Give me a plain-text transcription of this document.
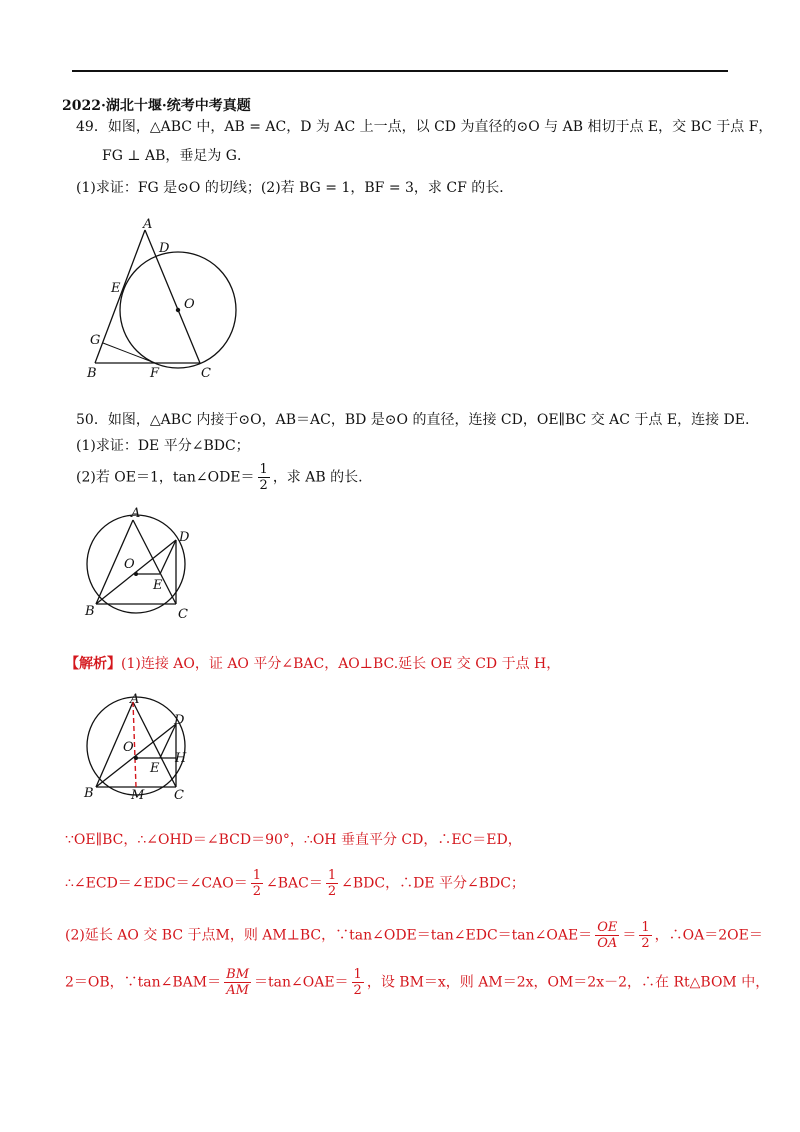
2022·湖北十堰·统考中考真题
49．如图，△ABC 中，AB = AC，D 为 AC 上一点，以 CD 为直径的⊙O 与 AB 相切于点 E，交 BC 于点 F，
FG ⊥ AB，垂足为 G．
(1)求证：FG 是⊙O 的切线；(2)若 BG = 1，BF = 3，求 CF 的长．
A
D
E
O
G
B	F	C
50．如图，△ABC 内接于⊙O，AB＝AC，BD 是⊙O 的直径，连接 CD，OE∥BC 交 AC 于点 E，连接 DE.
(1)求证：DE 平分∠BDC；
(2)若 OE＝1，tan∠ODE＝ $\frac{1}{2}$ ，求 AB 的长.
A
D
O
E
B	C
【解析】(1)连接 AO，证 AO 平分∠BAC，AO⊥BC.延长 OE 交 CD 于点 H，
A
D
O
E
H
B	M C
∵OE∥BC，∴∠OHD＝∠BCD＝90°，∴OH 垂直平分 CD，∴EC＝ED，
∴∠ECD＝∠EDC＝∠CAO＝ $\frac{1}{2}$ ∠BAC＝ $\frac{1}{2}$ ∠BDC，∴DE 平分∠BDC；
(2)延长 AO 交 BC 于点M，则 AM⊥BC，∵tan∠ODE＝tan∠EDC＝tan∠OAE＝ $\frac{OE}{OA} = \frac{1}{2}$ ，∴OA＝2OE＝
2＝OB，∵tan∠BAM＝ $\frac{BM}{AM}$ ＝tan∠OAE＝ $\frac{1}{2}$ ，设 BM＝x，则 AM＝2x，OM＝2x－2，∴在 Rt△BOM 中，
